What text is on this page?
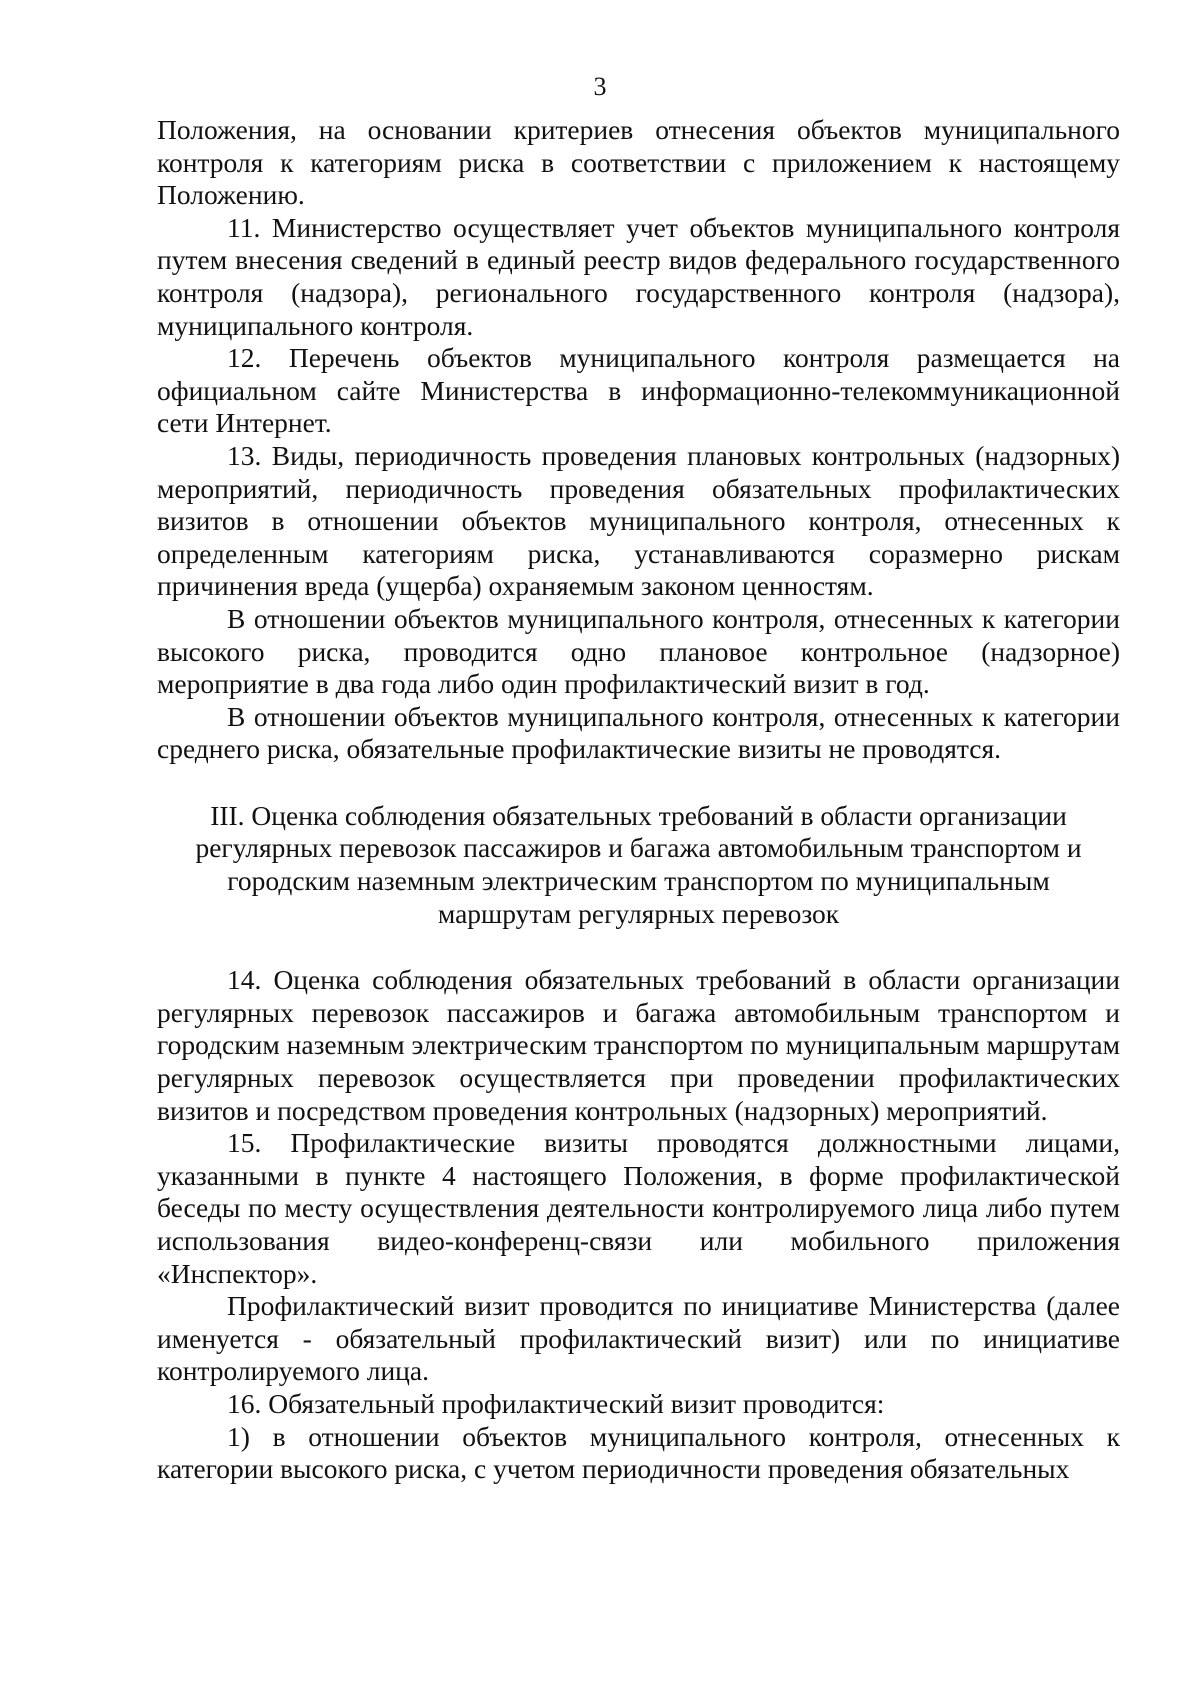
3

Положения, на основании критериев отнесения объектов муниципального контроля к категориям риска в соответствии с приложением к настоящему Положению.

11. Министерство осуществляет учет объектов муниципального контроля путем внесения сведений в единый реестр видов федерального государственного контроля (надзора), регионального государственного контроля (надзора), муниципального контроля.

12. Перечень объектов муниципального контроля размещается на официальном сайте Министерства в информационно-телекоммуникационной сети Интернет.

13. Виды, периодичность проведения плановых контрольных (надзорных) мероприятий, периодичность проведения обязательных профилактических визитов в отношении объектов муниципального контроля, отнесенных к определенным категориям риска, устанавливаются соразмерно рискам причинения вреда (ущерба) охраняемым законом ценностям.

В отношении объектов муниципального контроля, отнесенных к категории высокого риска, проводится одно плановое контрольное (надзорное) мероприятие в два года либо один профилактический визит в год.

В отношении объектов муниципального контроля, отнесенных к категории среднего риска, обязательные профилактические визиты не проводятся.

III. Оценка соблюдения обязательных требований в области организации
регулярных перевозок пассажиров и багажа автомобильным транспортом и
городским наземным электрическим транспортом по муниципальным
маршрутам регулярных перевозок

14. Оценка соблюдения обязательных требований в области организации регулярных перевозок пассажиров и багажа автомобильным транспортом и городским наземным электрическим транспортом по муниципальным маршрутам регулярных перевозок осуществляется при проведении профилактических визитов и посредством проведения контрольных (надзорных) мероприятий.

15. Профилактические визиты проводятся должностными лицами, указанными в пункте 4 настоящего Положения, в форме профилактической беседы по месту осуществления деятельности контролируемого лица либо путем использования видео-конференц-связи или мобильного приложения «Инспектор».

Профилактический визит проводится по инициативе Министерства (далее именуется - обязательный профилактический визит) или по инициативе контролируемого лица.

16. Обязательный профилактический визит проводится:

1) в отношении объектов муниципального контроля, отнесенных к категории высокого риска, с учетом периодичности проведения обязательных
